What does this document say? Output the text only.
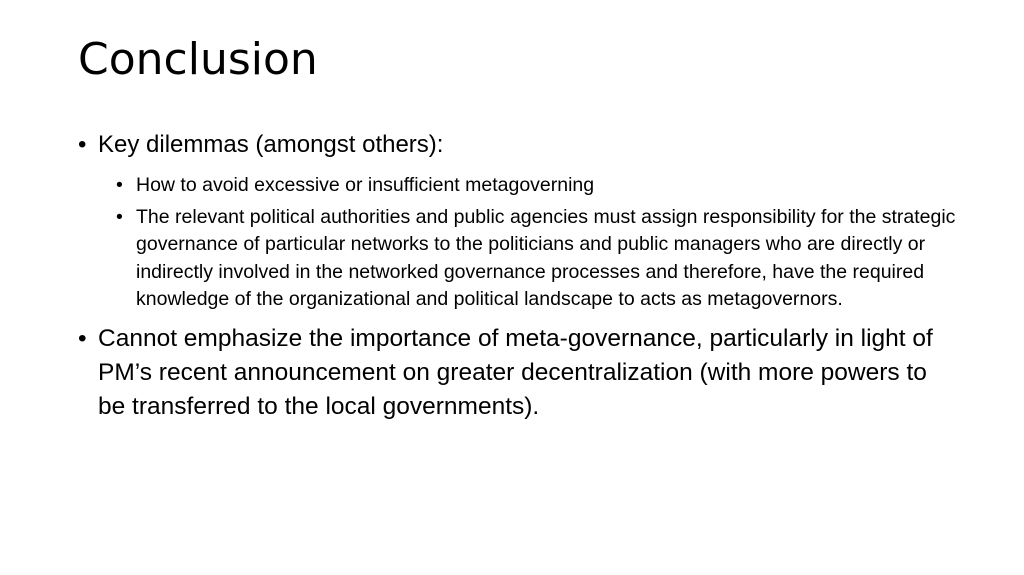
Conclusion
• Key dilemmas (amongst others):
• How to avoid excessive or insufficient metagoverning
• The relevant political authorities and public agencies must assign responsibility for the strategic governance of particular networks to the politicians and public managers who are directly or indirectly involved in the networked governance processes and therefore, have the required knowledge of the organizational and political landscape to acts as metagovernors.
• Cannot emphasize the importance of meta-governance, particularly in light of PM’s recent announcement on greater decentralization (with more powers to be transferred to the local governments).
